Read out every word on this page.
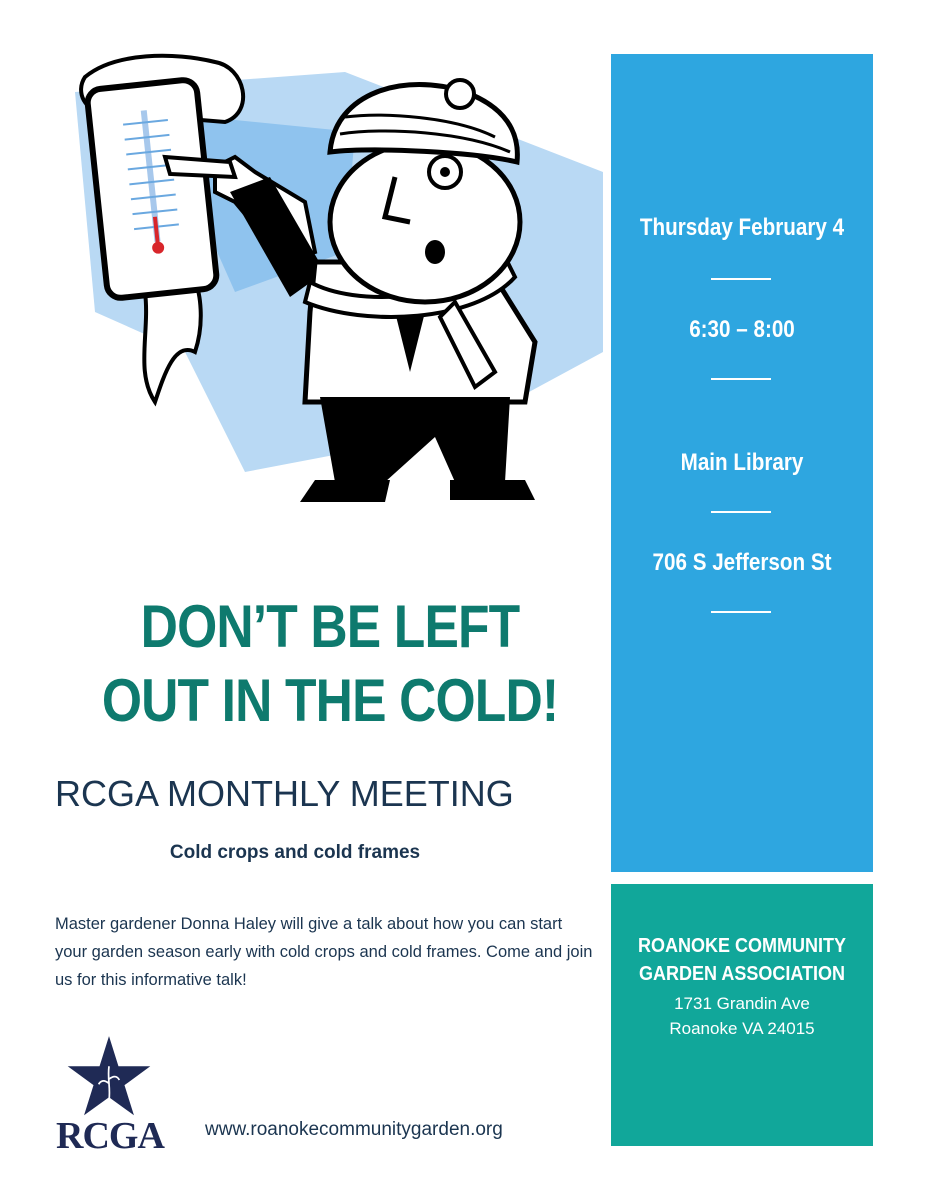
DON’T BE LEFT OUT IN THE COLD!
RCGA MONTHLY MEETING
Cold crops and cold frames
Master gardener Donna Haley will give a talk about how you can start your garden season early with cold crops and cold frames. Come and join us for this informative talk!
RCGA www.roanokecommunitygarden.org
Thursday February 4
6:30 – 8:00
Main Library
706 S Jefferson St
ROANOKE COMMUNITY
GARDEN ASSOCIATION
1731 Grandin Ave
Roanoke VA 24015
